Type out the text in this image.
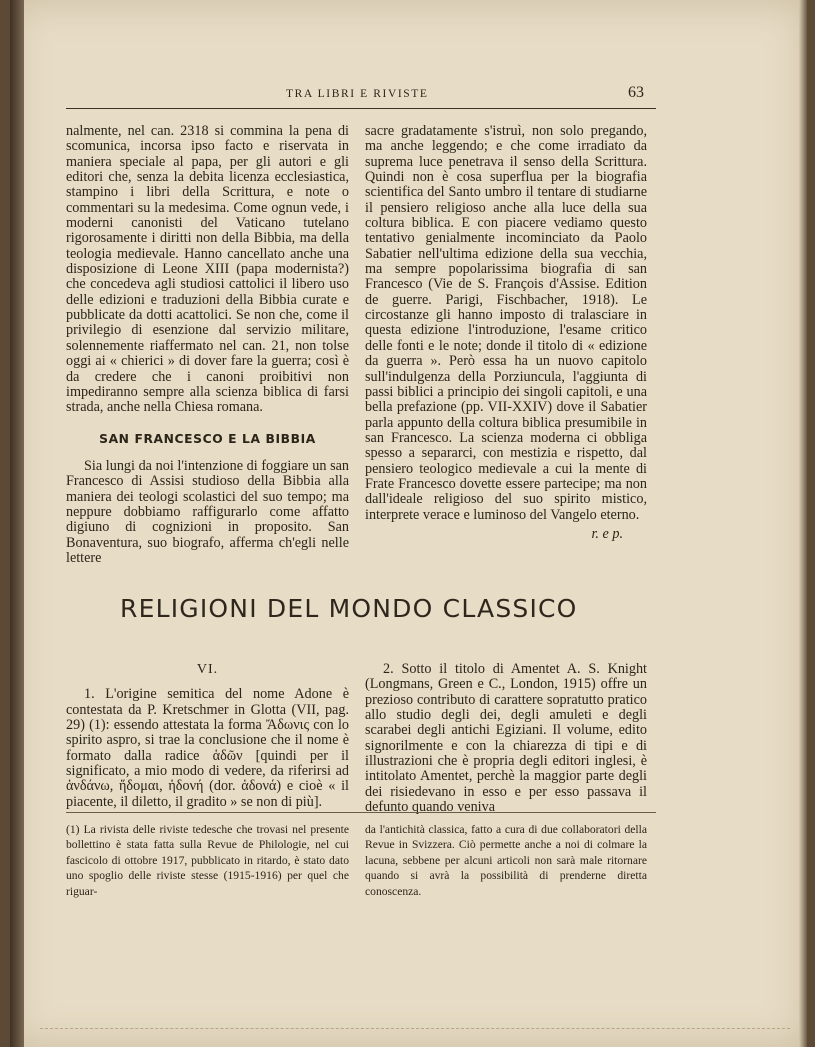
TRA LIBRI E RIVISTE	63

nalmente, nel can. 2318 si commina la pena di scomunica, incorsa ipso facto e riservata in maniera speciale al papa, per gli autori e gli editori che, senza la debita licenza ecclesiastica, stampino i libri della Scrittura, e note o commentari su la medesima. Come ognun vede, i moderni canonisti del Vaticano tutelano rigorosamente i diritti non della Bibbia, ma della teologia medievale. Hanno cancellato anche una disposizione di Leone XIII (papa modernista?) che concedeva agli studiosi cattolici il libero uso delle edizioni e traduzioni della Bibbia curate e pubblicate da dotti acattolici. Se non che, come il privilegio di esenzione dal servizio militare, solennemente riaffermato nel can. 21, non tolse oggi ai « chierici » di dover fare la guerra; così è da credere che i canoni proibitivi non impediranno sempre alla scienza biblica di farsi strada, anche nella Chiesa romana.

SAN FRANCESCO E LA BIBBIA

Sia lungi da noi l'intenzione di foggiare un san Francesco di Assisi studioso della Bibbia alla maniera dei teologi scolastici del suo tempo; ma neppure dobbiamo raffigurarlo come affatto digiuno di cognizioni in proposito. San Bonaventura, suo biografo, afferma ch'egli nelle lettere

sacre gradatamente s'istruì, non solo pregando, ma anche leggendo; e che come irradiato da suprema luce penetrava il senso della Scrittura. Quindi non è cosa superflua per la biografia scientifica del Santo umbro il tentare di studiarne il pensiero religioso anche alla luce della sua coltura biblica. E con piacere vediamo questo tentativo genialmente incominciato da Paolo Sabatier nell'ultima edizione della sua vecchia, ma sempre popolarissima biografia di san Francesco (Vie de S. François d'Assise. Edition de guerre. Parigi, Fischbacher, 1918). Le circostanze gli hanno imposto di tralasciare in questa edizione l'introduzione, l'esame critico delle fonti e le note; donde il titolo di « edizione da guerra ». Però essa ha un nuovo capitolo sull'indulgenza della Porziuncula, l'aggiunta di passi biblici a principio dei singoli capitoli, e una bella prefazione (pp. VII-XXIV) dove il Sabatier parla appunto della coltura biblica presumibile in san Francesco. La scienza moderna ci obbliga spesso a separarci, con mestizia e rispetto, dal pensiero teologico medievale a cui la mente di Frate Francesco dovette essere partecipe; ma non dall'ideale religioso del suo spirito mistico, interprete verace e luminoso del Vangelo eterno.

r. e p.
RELIGIONI DEL MONDO CLASSICO
VI.

1. L'origine semitica del nome Adone è contestata da P. Kretschmer in Glotta (VII, pag. 29) (1): essendo attestata la forma Ἄδωνις con lo spirito aspro, si trae la conclusione che il nome è formato dalla radice ἁδῶν [quindi per il significato, a mio modo di vedere, da riferirsi ad ἁνδάνω, ἥδομαι, ἡδονή (dor. ἁδονά) e cioè « il piacente, il diletto, il gradito » se non di più].

2. Sotto il titolo di Amentet A. S. Knight (Longmans, Green e C., London, 1915) offre un prezioso contributo di carattere sopratutto pratico allo studio degli dei, degli amuleti e degli scarabei degli antichi Egiziani. Il volume, edito signorilmente e con la chiarezza di tipi e di illustrazioni che è propria degli editori inglesi, è intitolato Amentet, perchè la maggior parte degli dei risiedevano in esso e per esso passava il defunto quando veniva

(1) La rivista delle riviste tedesche che trovasi nel presente bollettino è stata fatta sulla Revue de Philologie, nel cui fascicolo di ottobre 1917, pubblicato in ritardo, è stato dato uno spoglio delle riviste stesse (1915-1916) per quel che riguar-
da l'antichità classica, fatto a cura di due collaboratori della Revue in Svizzera. Ciò permette anche a noi di colmare la lacuna, sebbene per alcuni articoli non sarà male ritornare quando si avrà la possibilità di prenderne diretta conoscenza.
